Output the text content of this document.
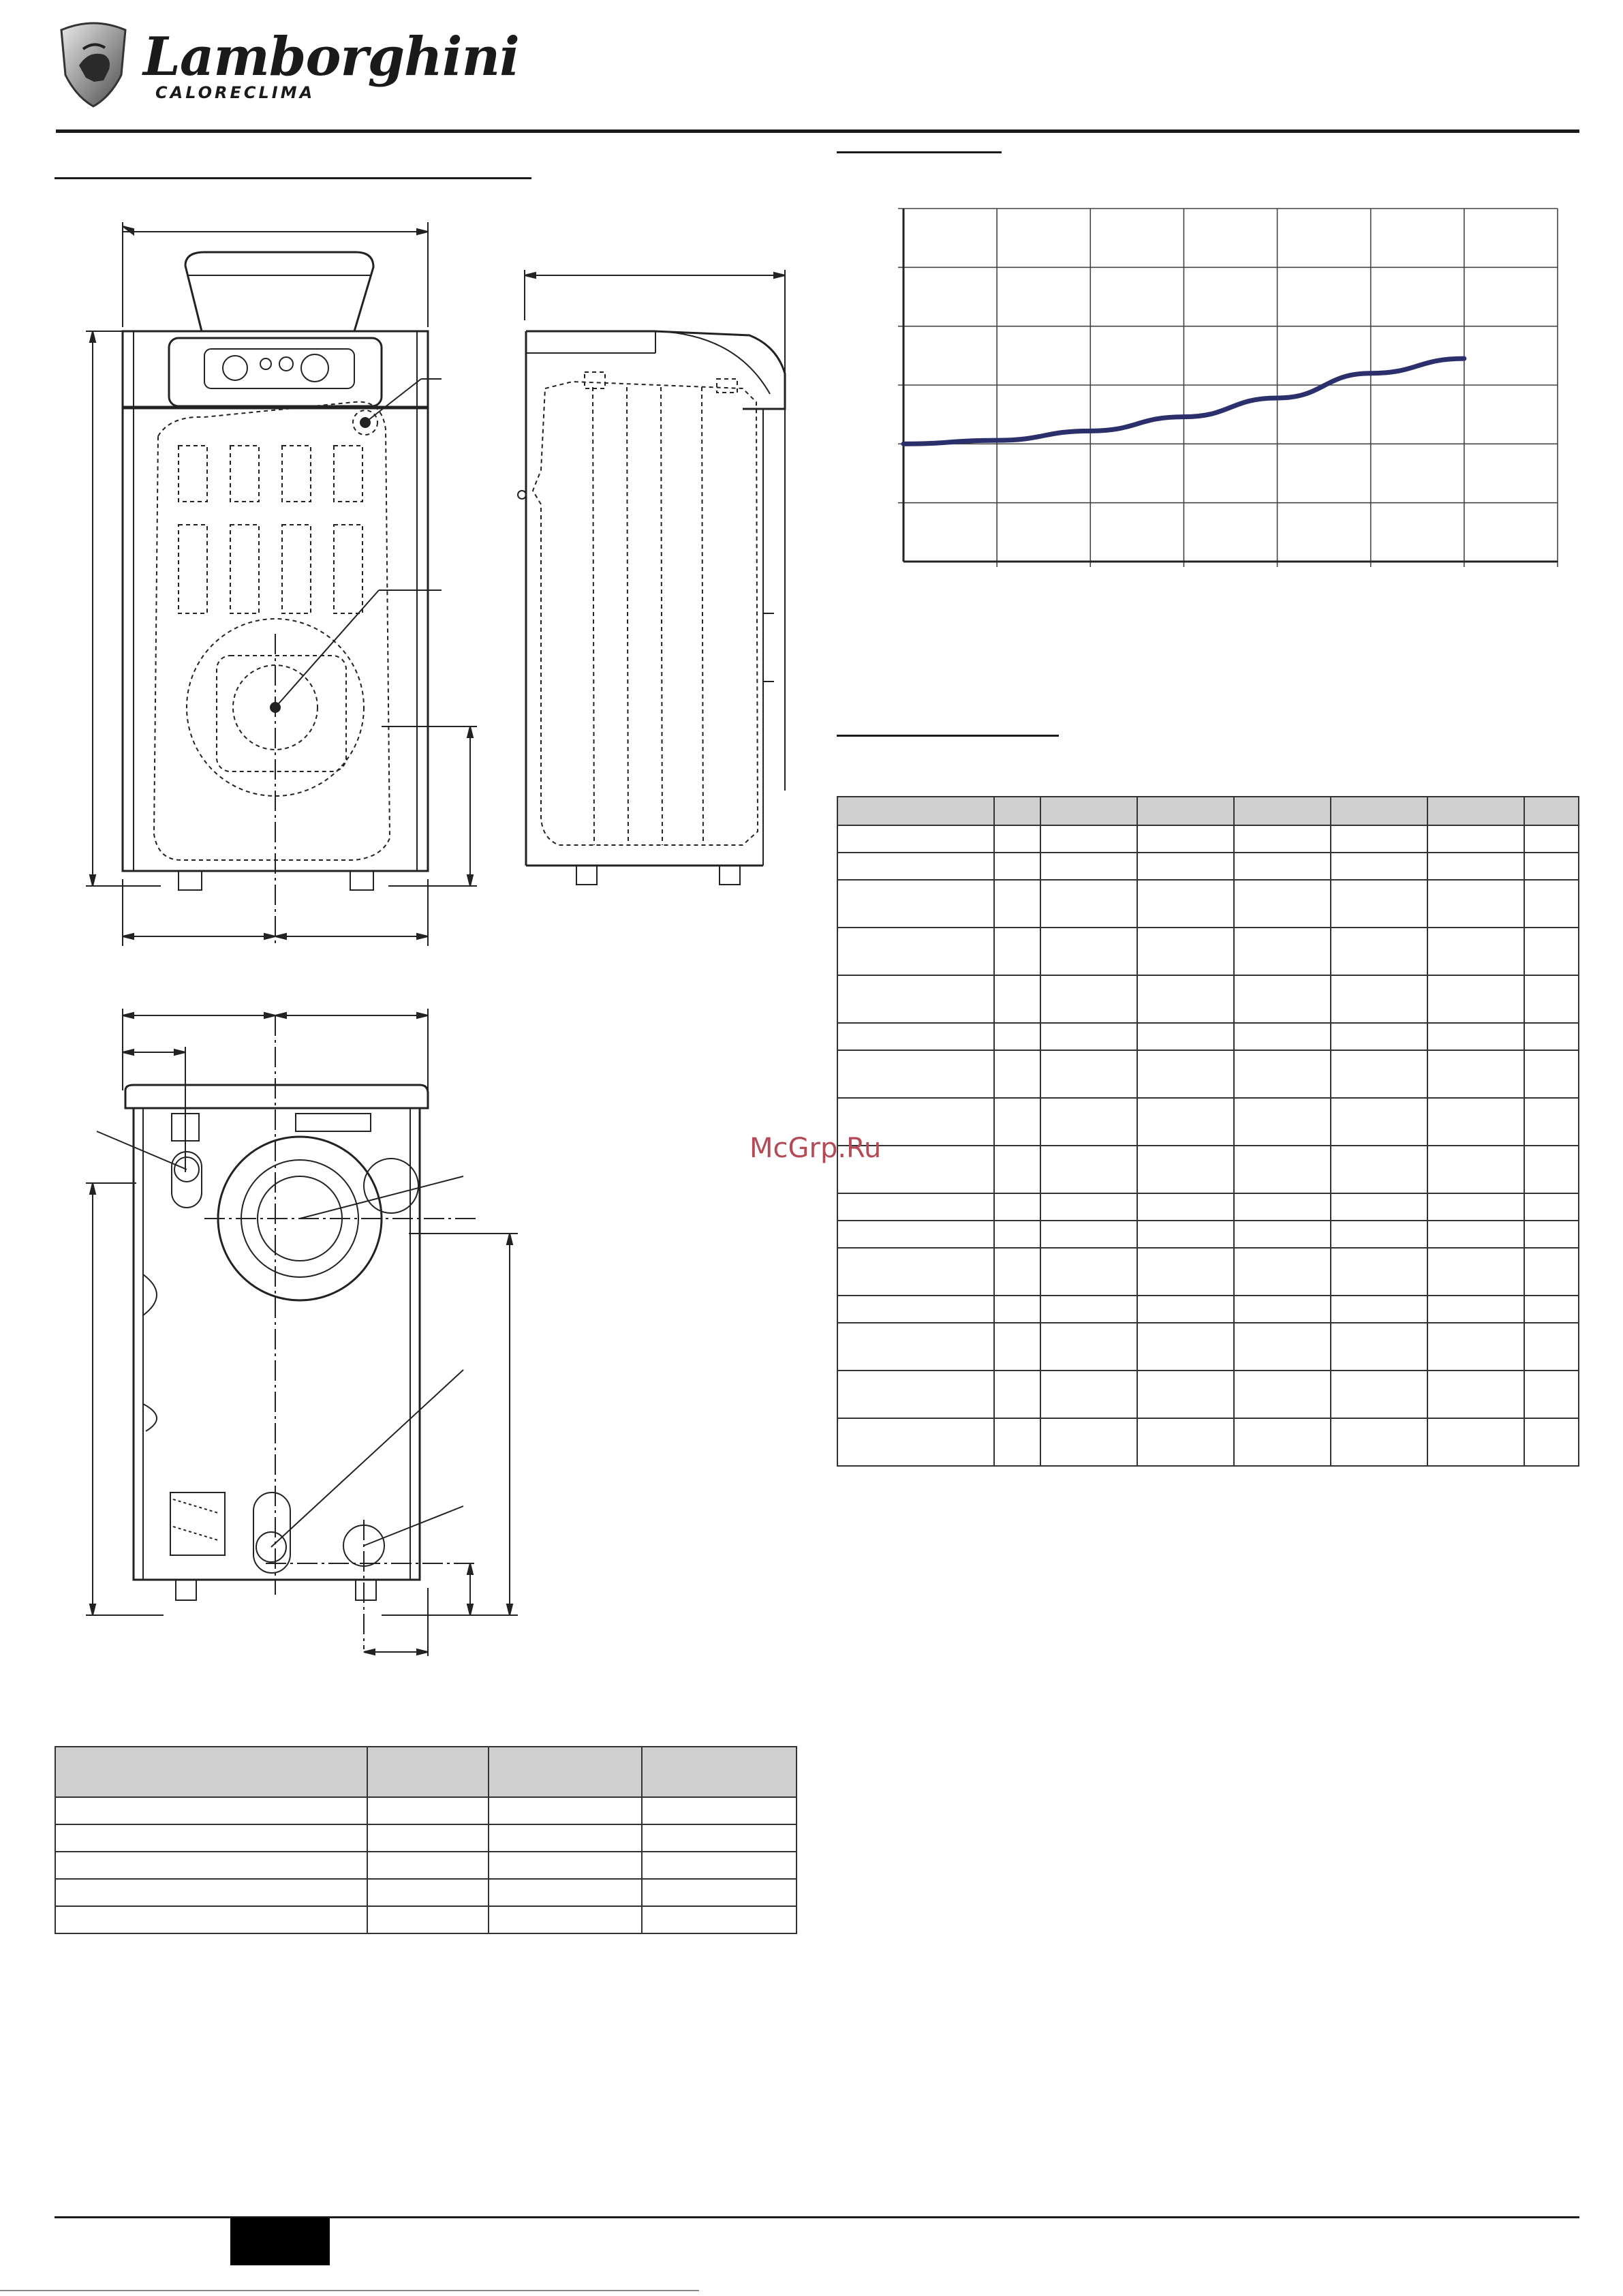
Lamborghini
CALORECLIMA

McGrp.Ru
